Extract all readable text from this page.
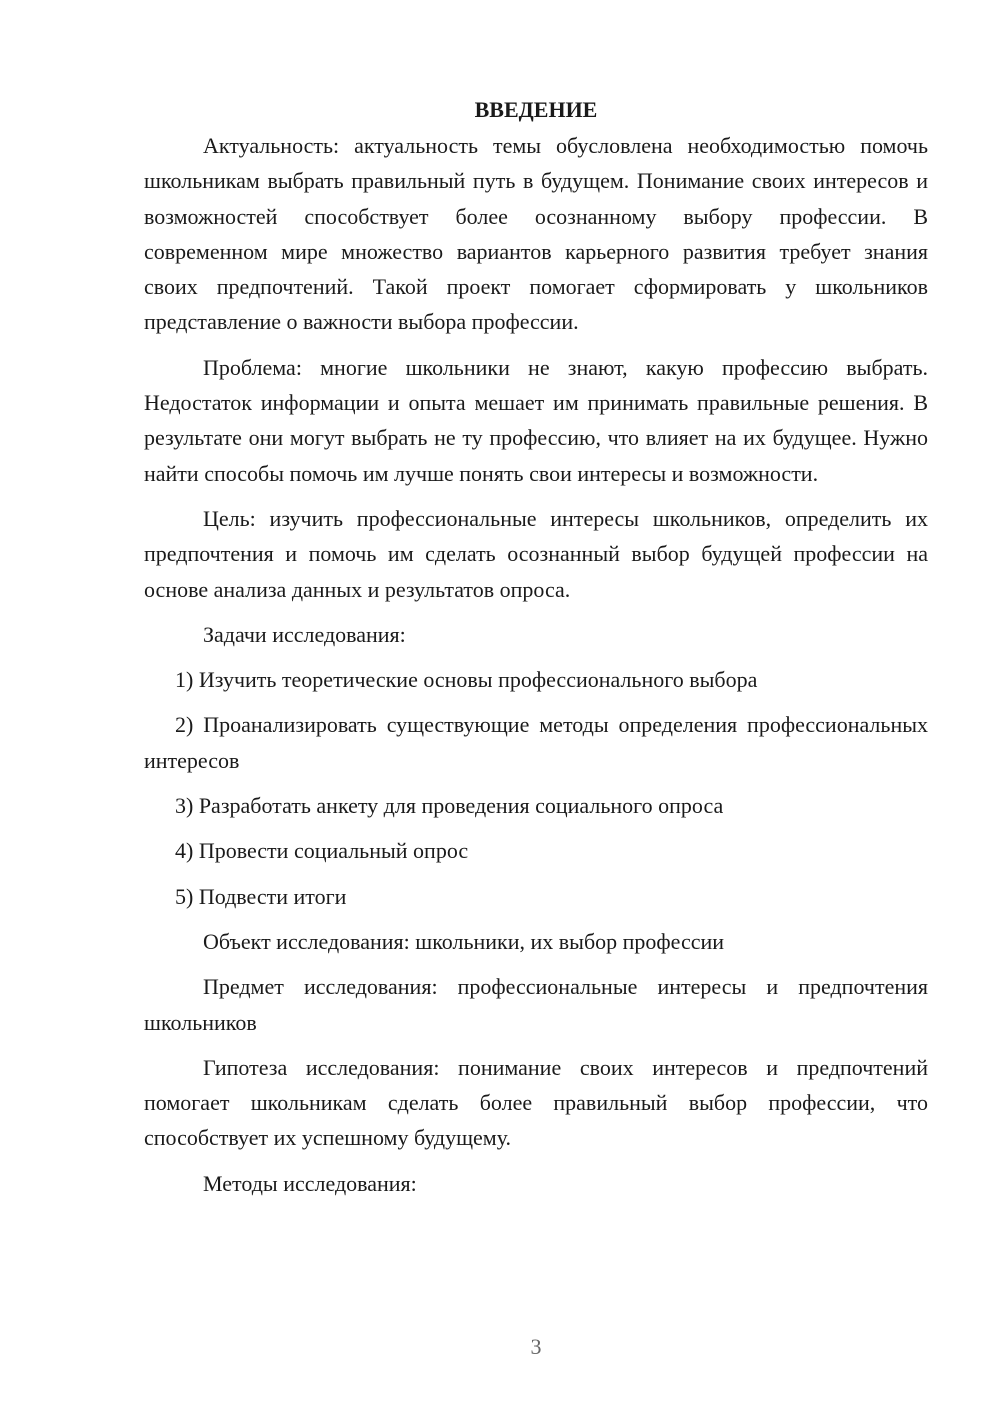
ВВЕДЕНИЕ

Актуальность: актуальность темы обусловлена необходимостью помочь школьникам выбрать правильный путь в будущем. Понимание своих интересов и возможностей способствует более осознанному выбору профессии. В современном мире множество вариантов карьерного развития требует знания своих предпочтений. Такой проект помогает сформировать у школьников представление о важности выбора профессии.

Проблема: многие школьники не знают, какую профессию выбрать. Недостаток информации и опыта мешает им принимать правильные решения. В результате они могут выбрать не ту профессию, что влияет на их будущее. Нужно найти способы помочь им лучше понять свои интересы и возможности.

Цель: изучить профессиональные интересы школьников, определить их предпочтения и помочь им сделать осознанный выбор будущей профессии на основе анализа данных и результатов опроса.

Задачи исследования:

1) Изучить теоретические основы профессионального выбора

2) Проанализировать существующие методы определения профессиональных интересов

3) Разработать анкету для проведения социального опроса

4) Провести социальный опрос

5) Подвести итоги

Объект исследования: школьники, их выбор профессии

Предмет исследования: профессиональные интересы и предпочтения школьников

Гипотеза исследования: понимание своих интересов и предпочтений помогает школьникам сделать более правильный выбор профессии, что способствует их успешному будущему.

Методы исследования:

3
